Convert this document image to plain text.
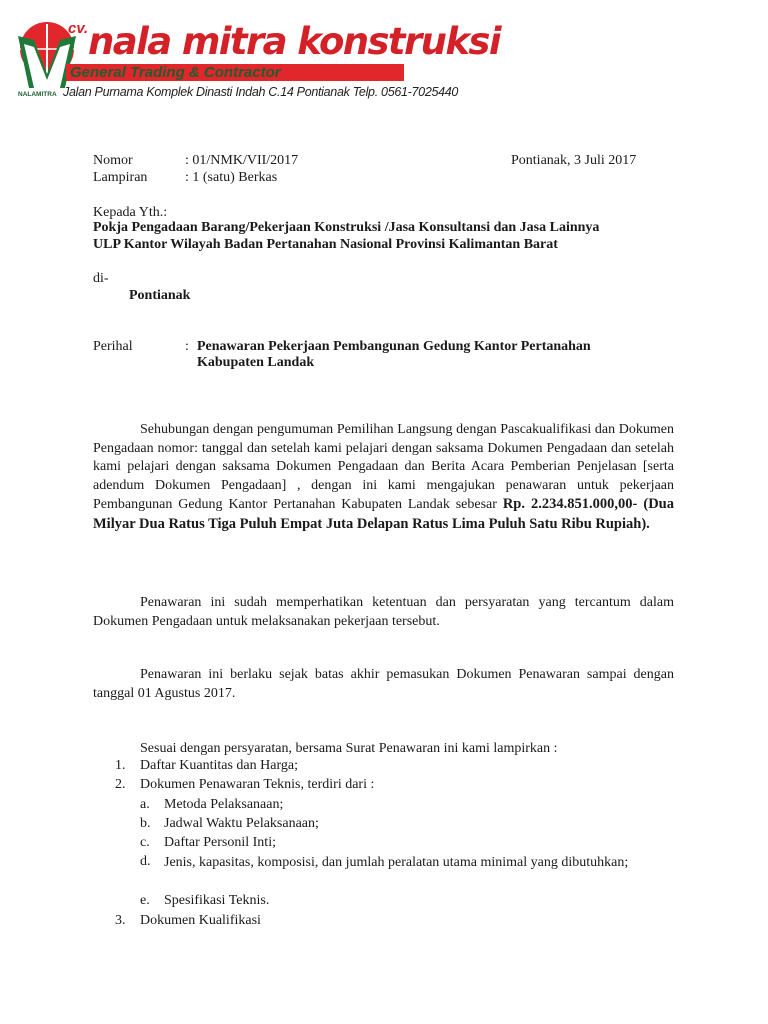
NALAMITRA
cv. nala mitra konstruksi
General Trading & Contractor
Jalan Purnama Komplek Dinasti Indah C.14 Pontianak Telp. 0561-7025440
Nomor	: 01/NMK/VII/2017	Pontianak, 3 Juli 2017
Lampiran	: 1 (satu) Berkas
Kepada Yth.:
Pokja Pengadaan Barang/Pekerjaan Konstruksi /Jasa Konsultansi dan Jasa Lainnya
ULP Kantor Wilayah Badan Pertanahan Nasional Provinsi Kalimantan Barat
di-
Pontianak
Perihal	: Penawaran Pekerjaan Pembangunan Gedung Kantor Pertanahan
Kabupaten Landak
Sehubungan dengan pengumuman Pemilihan Langsung dengan Pascakualifikasi dan Dokumen Pengadaan nomor: tanggal dan setelah kami pelajari dengan saksama Dokumen Pengadaan dan setelah kami pelajari dengan saksama Dokumen Pengadaan dan Berita Acara Pemberian Penjelasan [serta adendum Dokumen Pengadaan] , dengan ini kami mengajukan penawaran untuk pekerjaan Pembangunan Gedung Kantor Pertanahan Kabupaten Landak sebesar Rp. 2.234.851.000,00- (Dua Milyar Dua Ratus Tiga Puluh Empat Juta Delapan Ratus Lima Puluh Satu Ribu Rupiah).
Penawaran ini sudah memperhatikan ketentuan dan persyaratan yang tercantum dalam Dokumen Pengadaan untuk melaksanakan pekerjaan tersebut.
Penawaran ini berlaku sejak batas akhir pemasukan Dokumen Penawaran sampai dengan tanggal 01 Agustus 2017.
Sesuai dengan persyaratan, bersama Surat Penawaran ini kami lampirkan :
1. Daftar Kuantitas dan Harga;
2. Dokumen Penawaran Teknis, terdiri dari :
a. Metoda Pelaksanaan;
b. Jadwal Waktu Pelaksanaan;
c. Daftar Personil Inti;
d. Jenis, kapasitas, komposisi, dan jumlah peralatan utama minimal yang dibutuhkan;
e. Spesifikasi Teknis.
3. Dokumen Kualifikasi
